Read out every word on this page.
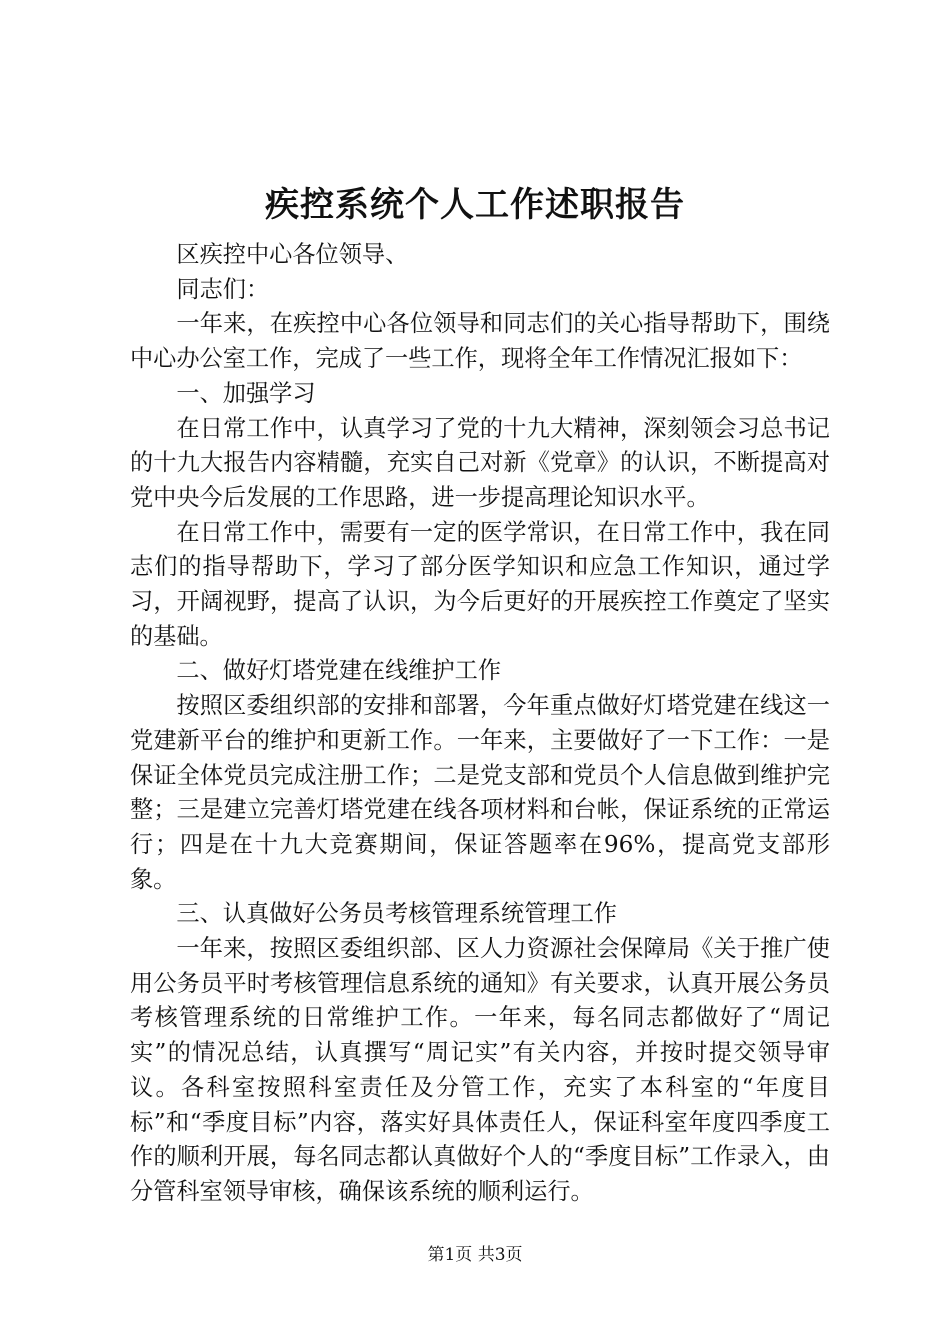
疾控系统个人工作述职报告

区疾控中心各位领导、

同志们：

一年来，在疾控中心各位领导和同志们的关心指导帮助下，围绕中心办公室工作，完成了一些工作，现将全年工作情况汇报如下：

一、加强学习

在日常工作中，认真学习了党的十九大精神，深刻领会习总书记的十九大报告内容精髓，充实自己对新《党章》的认识，不断提高对党中央今后发展的工作思路，进一步提高理论知识水平。

在日常工作中，需要有一定的医学常识，在日常工作中，我在同志们的指导帮助下，学习了部分医学知识和应急工作知识，通过学习，开阔视野，提高了认识，为今后更好的开展疾控工作奠定了坚实的基础。

二、做好灯塔党建在线维护工作

按照区委组织部的安排和部署，今年重点做好灯塔党建在线这一党建新平台的维护和更新工作。一年来，主要做好了一下工作：一是保证全体党员完成注册工作；二是党支部和党员个人信息做到维护完整；三是建立完善灯塔党建在线各项材料和台帐，保证系统的正常运行；四是在十九大竞赛期间，保证答题率在96%，提高党支部形象。

三、认真做好公务员考核管理系统管理工作

一年来，按照区委组织部、区人力资源社会保障局《关于推广使用公务员平时考核管理信息系统的通知》有关要求，认真开展公务员考核管理系统的日常维护工作。一年来，每名同志都做好了“周记实”的情况总结，认真撰写“周记实”有关内容，并按时提交领导审议。各科室按照科室责任及分管工作，充实了本科室的“年度目标”和“季度目标”内容，落实好具体责任人，保证科室年度四季度工作的顺利开展，每名同志都认真做好个人的“季度目标”工作录入，由分管科室领导审核，确保该系统的顺利运行。

第1页 共3页
